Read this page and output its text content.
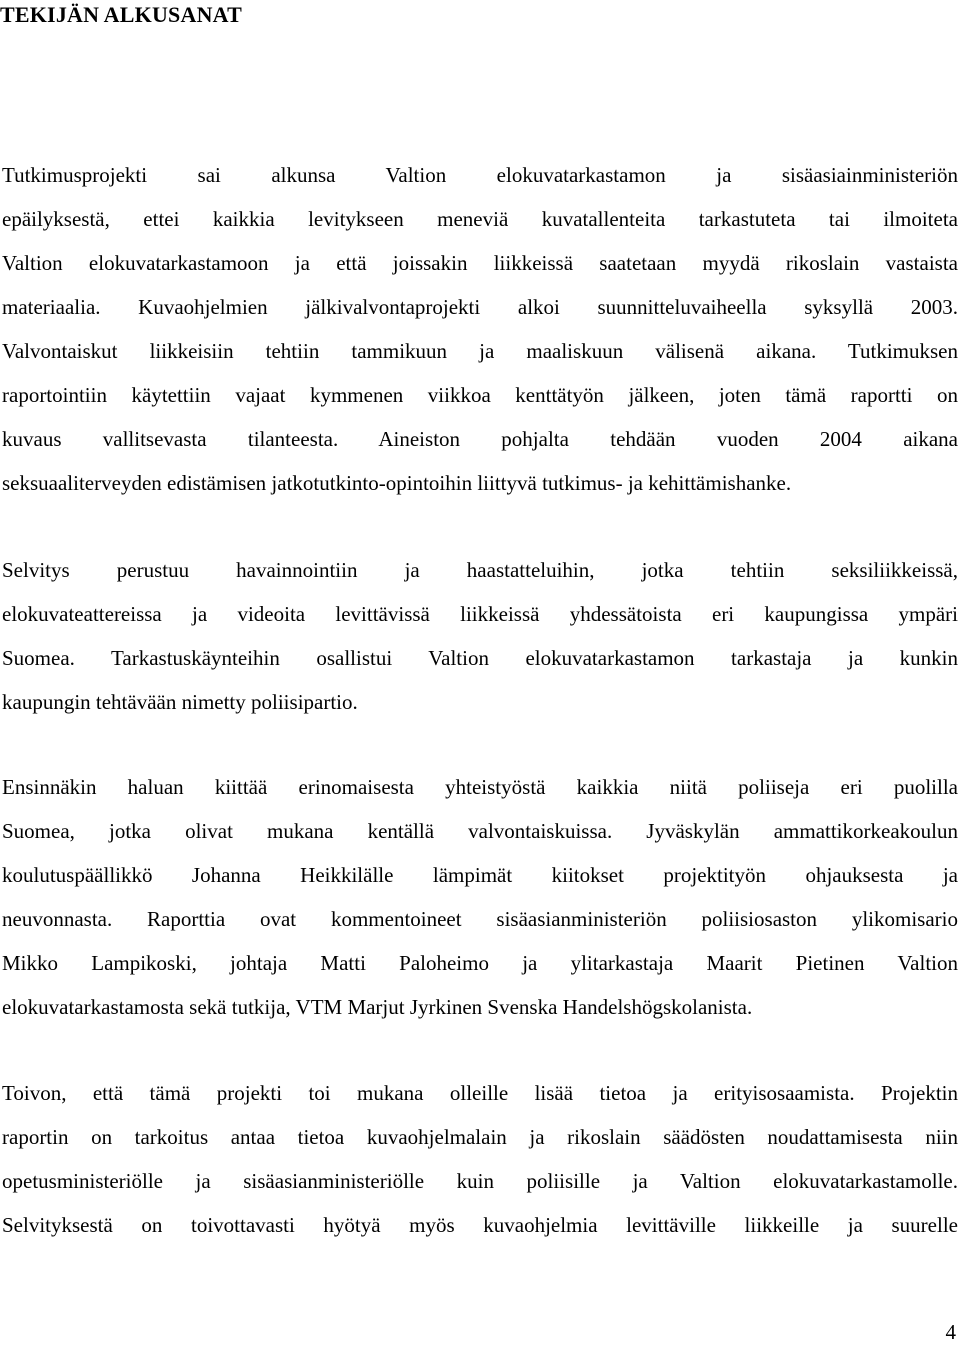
TEKIJÄN ALKUSANAT
Tutkimusprojekti sai alkunsa Valtion elokuvatarkastamon ja sisäasiainministeriön
epäilyksestä, ettei kaikkia levitykseen meneviä kuvatallenteita tarkastuteta tai ilmoiteta
Valtion elokuvatarkastamoon ja että joissakin liikkeissä saatetaan myydä rikoslain vastaista
materiaalia. Kuvaohjelmien jälkivalvontaprojekti alkoi suunnitteluvaiheella syksyllä 2003.
Valvontaiskut liikkeisiin tehtiin tammikuun ja maaliskuun välisenä aikana. Tutkimuksen
raportointiin käytettiin vajaat kymmenen viikkoa kenttätyön jälkeen, joten tämä raportti on
kuvaus vallitsevasta tilanteesta. Aineiston pohjalta tehdään vuoden 2004 aikana
seksuaaliterveyden edistämisen jatkotutkinto-opintoihin liittyvä tutkimus- ja kehittämishanke.
Selvitys perustuu havainnointiin ja haastatteluihin, jotka tehtiin seksiliikkeissä,
elokuvateattereissa ja videoita levittävissä liikkeissä yhdessätoista eri kaupungissa ympäri
Suomea. Tarkastuskäynteihin osallistui Valtion elokuvatarkastamon tarkastaja ja kunkin
kaupungin tehtävään nimetty poliisipartio.
Ensinnäkin haluan kiittää erinomaisesta yhteistyöstä kaikkia niitä poliiseja eri puolilla
Suomea, jotka olivat mukana kentällä valvontaiskuissa. Jyväskylän ammattikorkeakoulun
koulutuspäällikkö Johanna Heikkilälle lämpimät kiitokset projektityön ohjauksesta ja
neuvonnasta. Raporttia ovat kommentoineet sisäasianministeriön poliisiosaston ylikomisario
Mikko Lampikoski, johtaja Matti Paloheimo ja ylitarkastaja Maarit Pietinen Valtion
elokuvatarkastamosta sekä tutkija, VTM Marjut Jyrkinen Svenska Handelshögskolanista.
Toivon, että tämä projekti toi mukana olleille lisää tietoa ja erityisosaamista. Projektin
raportin on tarkoitus antaa tietoa kuvaohjelmalain ja rikoslain säädösten noudattamisesta niin
opetusministeriölle ja sisäasianministeriölle kuin poliisille ja Valtion elokuvatarkastamolle.
Selvityksestä on toivottavasti hyötyä myös kuvaohjelmia levittäville liikkeille ja suurelle
4
